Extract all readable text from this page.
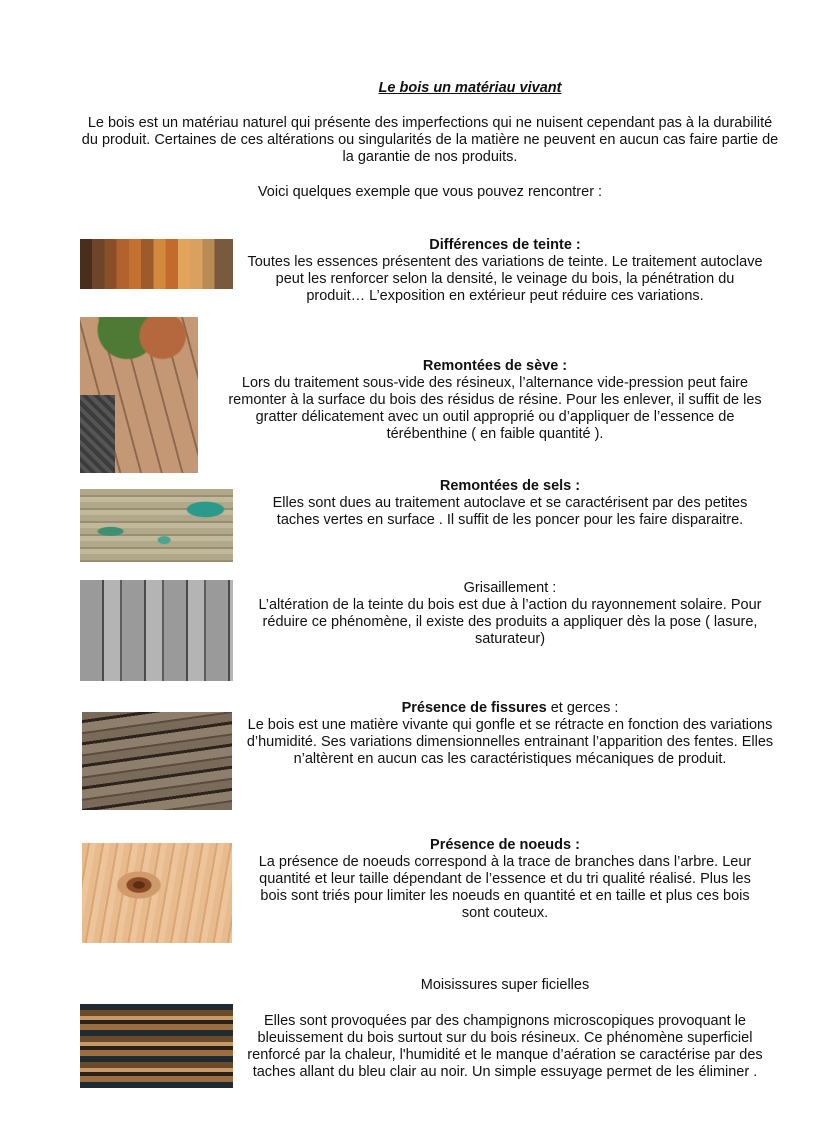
Le bois un matériau vivant

Le bois est un matériau naturel qui présente des imperfections qui ne nuisent cependant pas à la durabilité du produit. Certaines de ces altérations ou singularités de la matière ne peuvent en aucun cas faire partie de la garantie de nos produits.

Voici quelques exemple que vous pouvez rencontrer :

Différences de teinte :
Toutes les essences présentent des variations de teinte. Le traitement autoclave peut les renforcer selon la densité, le veinage du bois, la pénétration du produit… L’exposition en extérieur peut réduire ces variations.
Remontées de sève :
Lors du traitement sous-vide des résineux, l’alternance vide-pression peut faire remonter à la surface du bois des résidus de résine. Pour les enlever, il suffit de les gratter délicatement avec un outil approprié ou d’appliquer de l’essence de térébenthine ( en faible quantité ).
Remontées de sels :
Elles sont dues au traitement autoclave et se caractérisent par des petites taches vertes en surface . Il suffit de les poncer pour les faire disparaitre.
Grisaillement :
L’altération de la teinte du bois est due à l’action du rayonnement solaire. Pour réduire ce phénomène, il existe des produits a appliquer dès la pose ( lasure, saturateur)
Présence de fissures et gerces :
Le bois est une matière vivante qui gonfle et se rétracte en fonction des variations d’humidité. Ses variations dimensionnelles entrainant l’apparition des fentes. Elles n’altèrent en aucun cas les caractéristiques mécaniques de produit.
Présence de noeuds :
La présence de noeuds correspond à la trace de branches dans l’arbre. Leur quantité et leur taille dépendant de l’essence et du tri qualité réalisé. Plus les bois sont triés pour limiter les noeuds en quantité et en taille et plus ces bois sont couteux.
Moisissures super ficielles
Elles sont provoquées par des champignons microscopiques provoquant le bleuissement du bois surtout sur du bois résineux. Ce phénomène superficiel renforcé par la chaleur, l'humidité et le manque d’aération se caractérise par des taches allant du bleu clair au noir. Un simple essuyage permet de les éliminer .
